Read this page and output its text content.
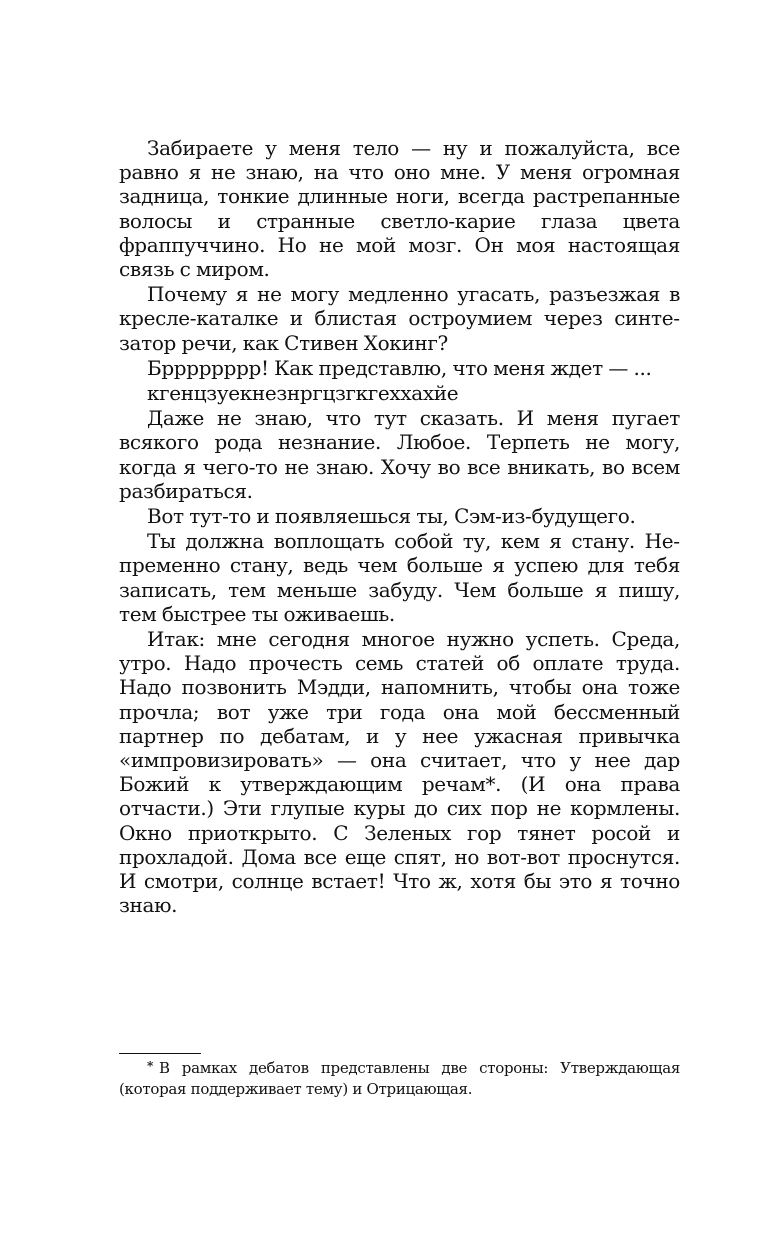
Забираете у меня тело — ну и пожалуйста, все равно я не знаю, на что оно мне. У меня огромная задница, тонкие длинные ноги, всегда растрепанные волосы и странные светло-карие глаза цвета фраппуччино. Но не мой мозг. Он моя настоящая связь с миром.

Почему я не могу медленно угасать, разъезжая в кресле-каталке и блистая остроумием через синтезатор речи, как Стивен Хокинг?

Брррррррр! Как представлю, что меня ждет — ...

кгенцзуекнезнргцзгкгexхахйе

Даже не знаю, что тут сказать. И меня пугает всякого рода незнание. Любое. Терпеть не могу, когда я чего-то не знаю. Хочу во все вникать, во всем разбираться.

Вот тут-то и появляешься ты, Сэм-из-будущего.

Ты должна воплощать собой ту, кем я стану. Непременно стану, ведь чем больше я успею для тебя записать, тем меньше забуду. Чем больше я пишу, тем быстрее ты оживаешь.

Итак: мне сегодня многое нужно успеть. Среда, утро. Надо прочесть семь статей об оплате труда. Надо позвонить Мэдди, напомнить, чтобы она тоже прочла; вот уже три года она мой бессменный партнер по дебатам, и у нее ужасная привычка «импровизировать» — она считает, что у нее дар Божий к утверждающим речам*. (И она права отчасти.) Эти глупые куры до сих пор не кормлены. Окно приоткрыто. С Зеленых гор тянет росой и прохладой. Дома все еще спят, но вот-вот проснутся. И смотри, солнце встает! Что ж, хотя бы это я точно знаю.

* В рамках дебатов представлены две стороны: Утверждающая (которая поддерживает тему) и Отрицающая.
